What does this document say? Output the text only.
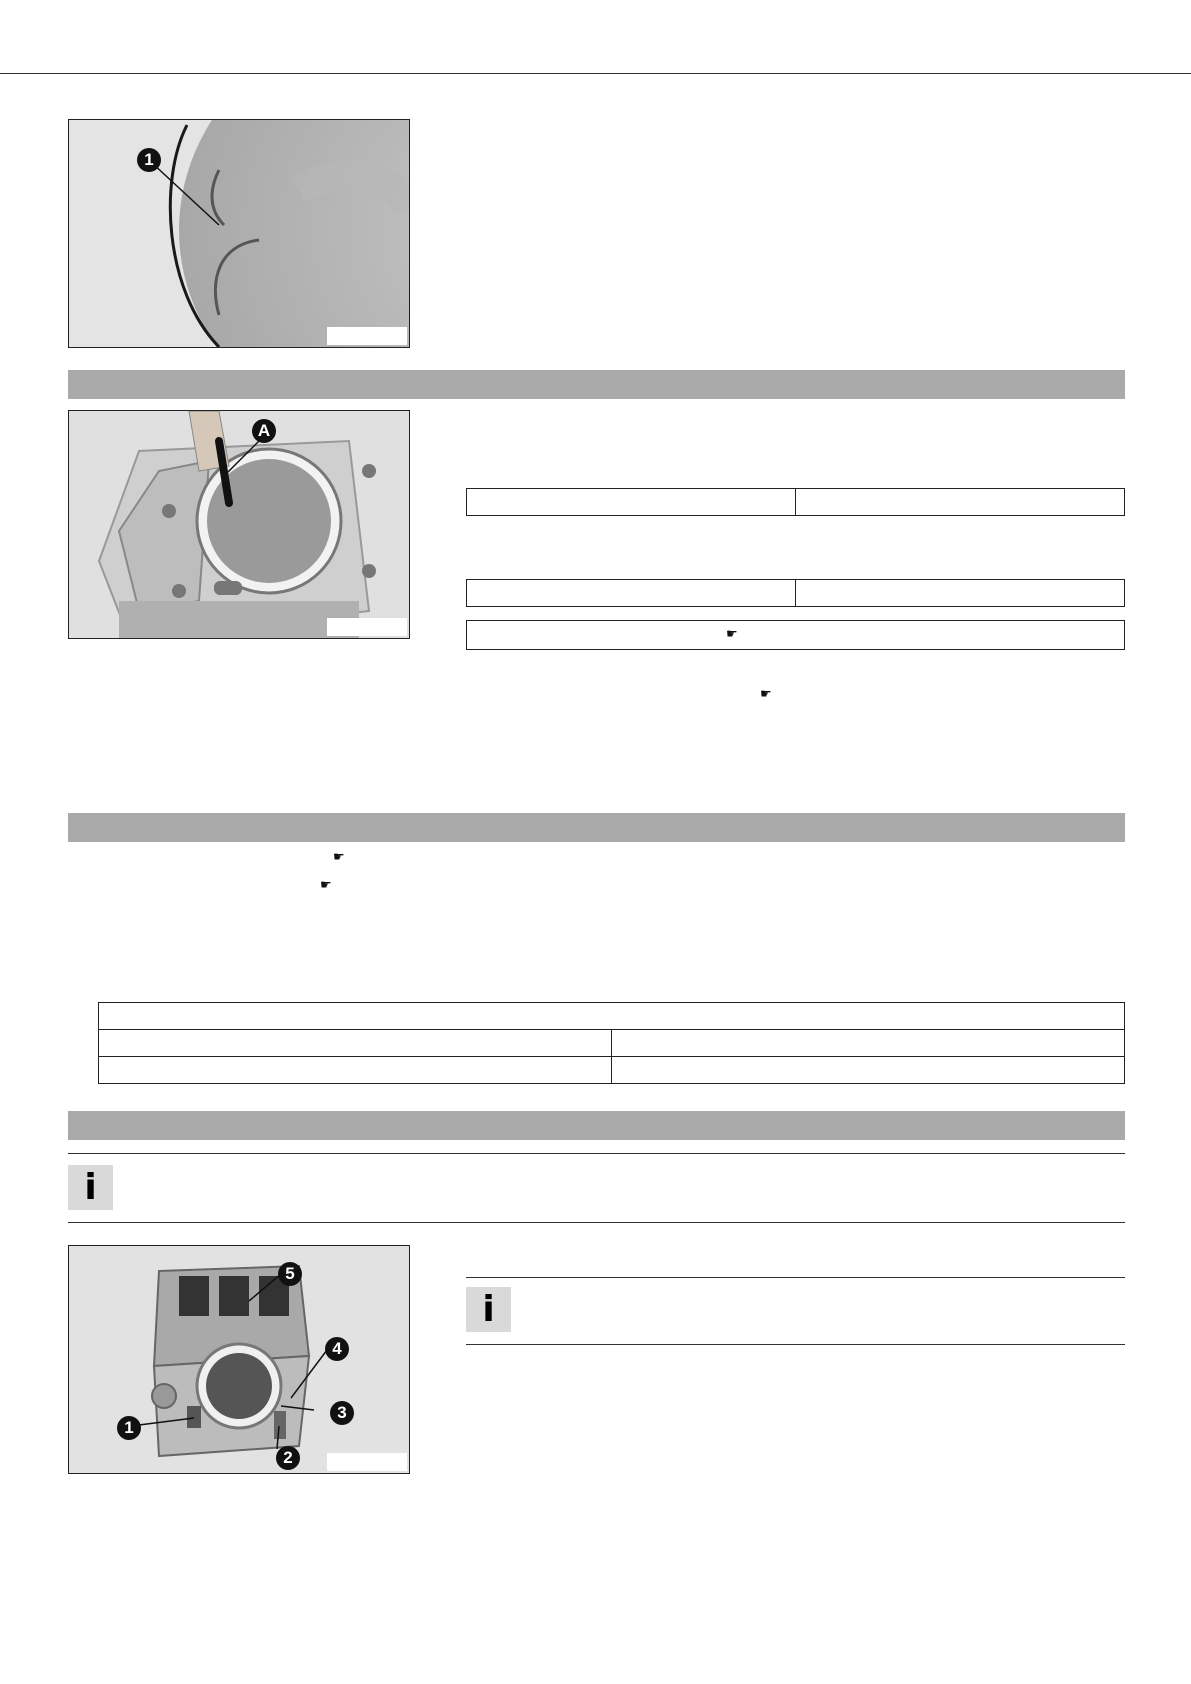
1
A

☛
☛
☛
☛

i
1
2
3
4
5
i
